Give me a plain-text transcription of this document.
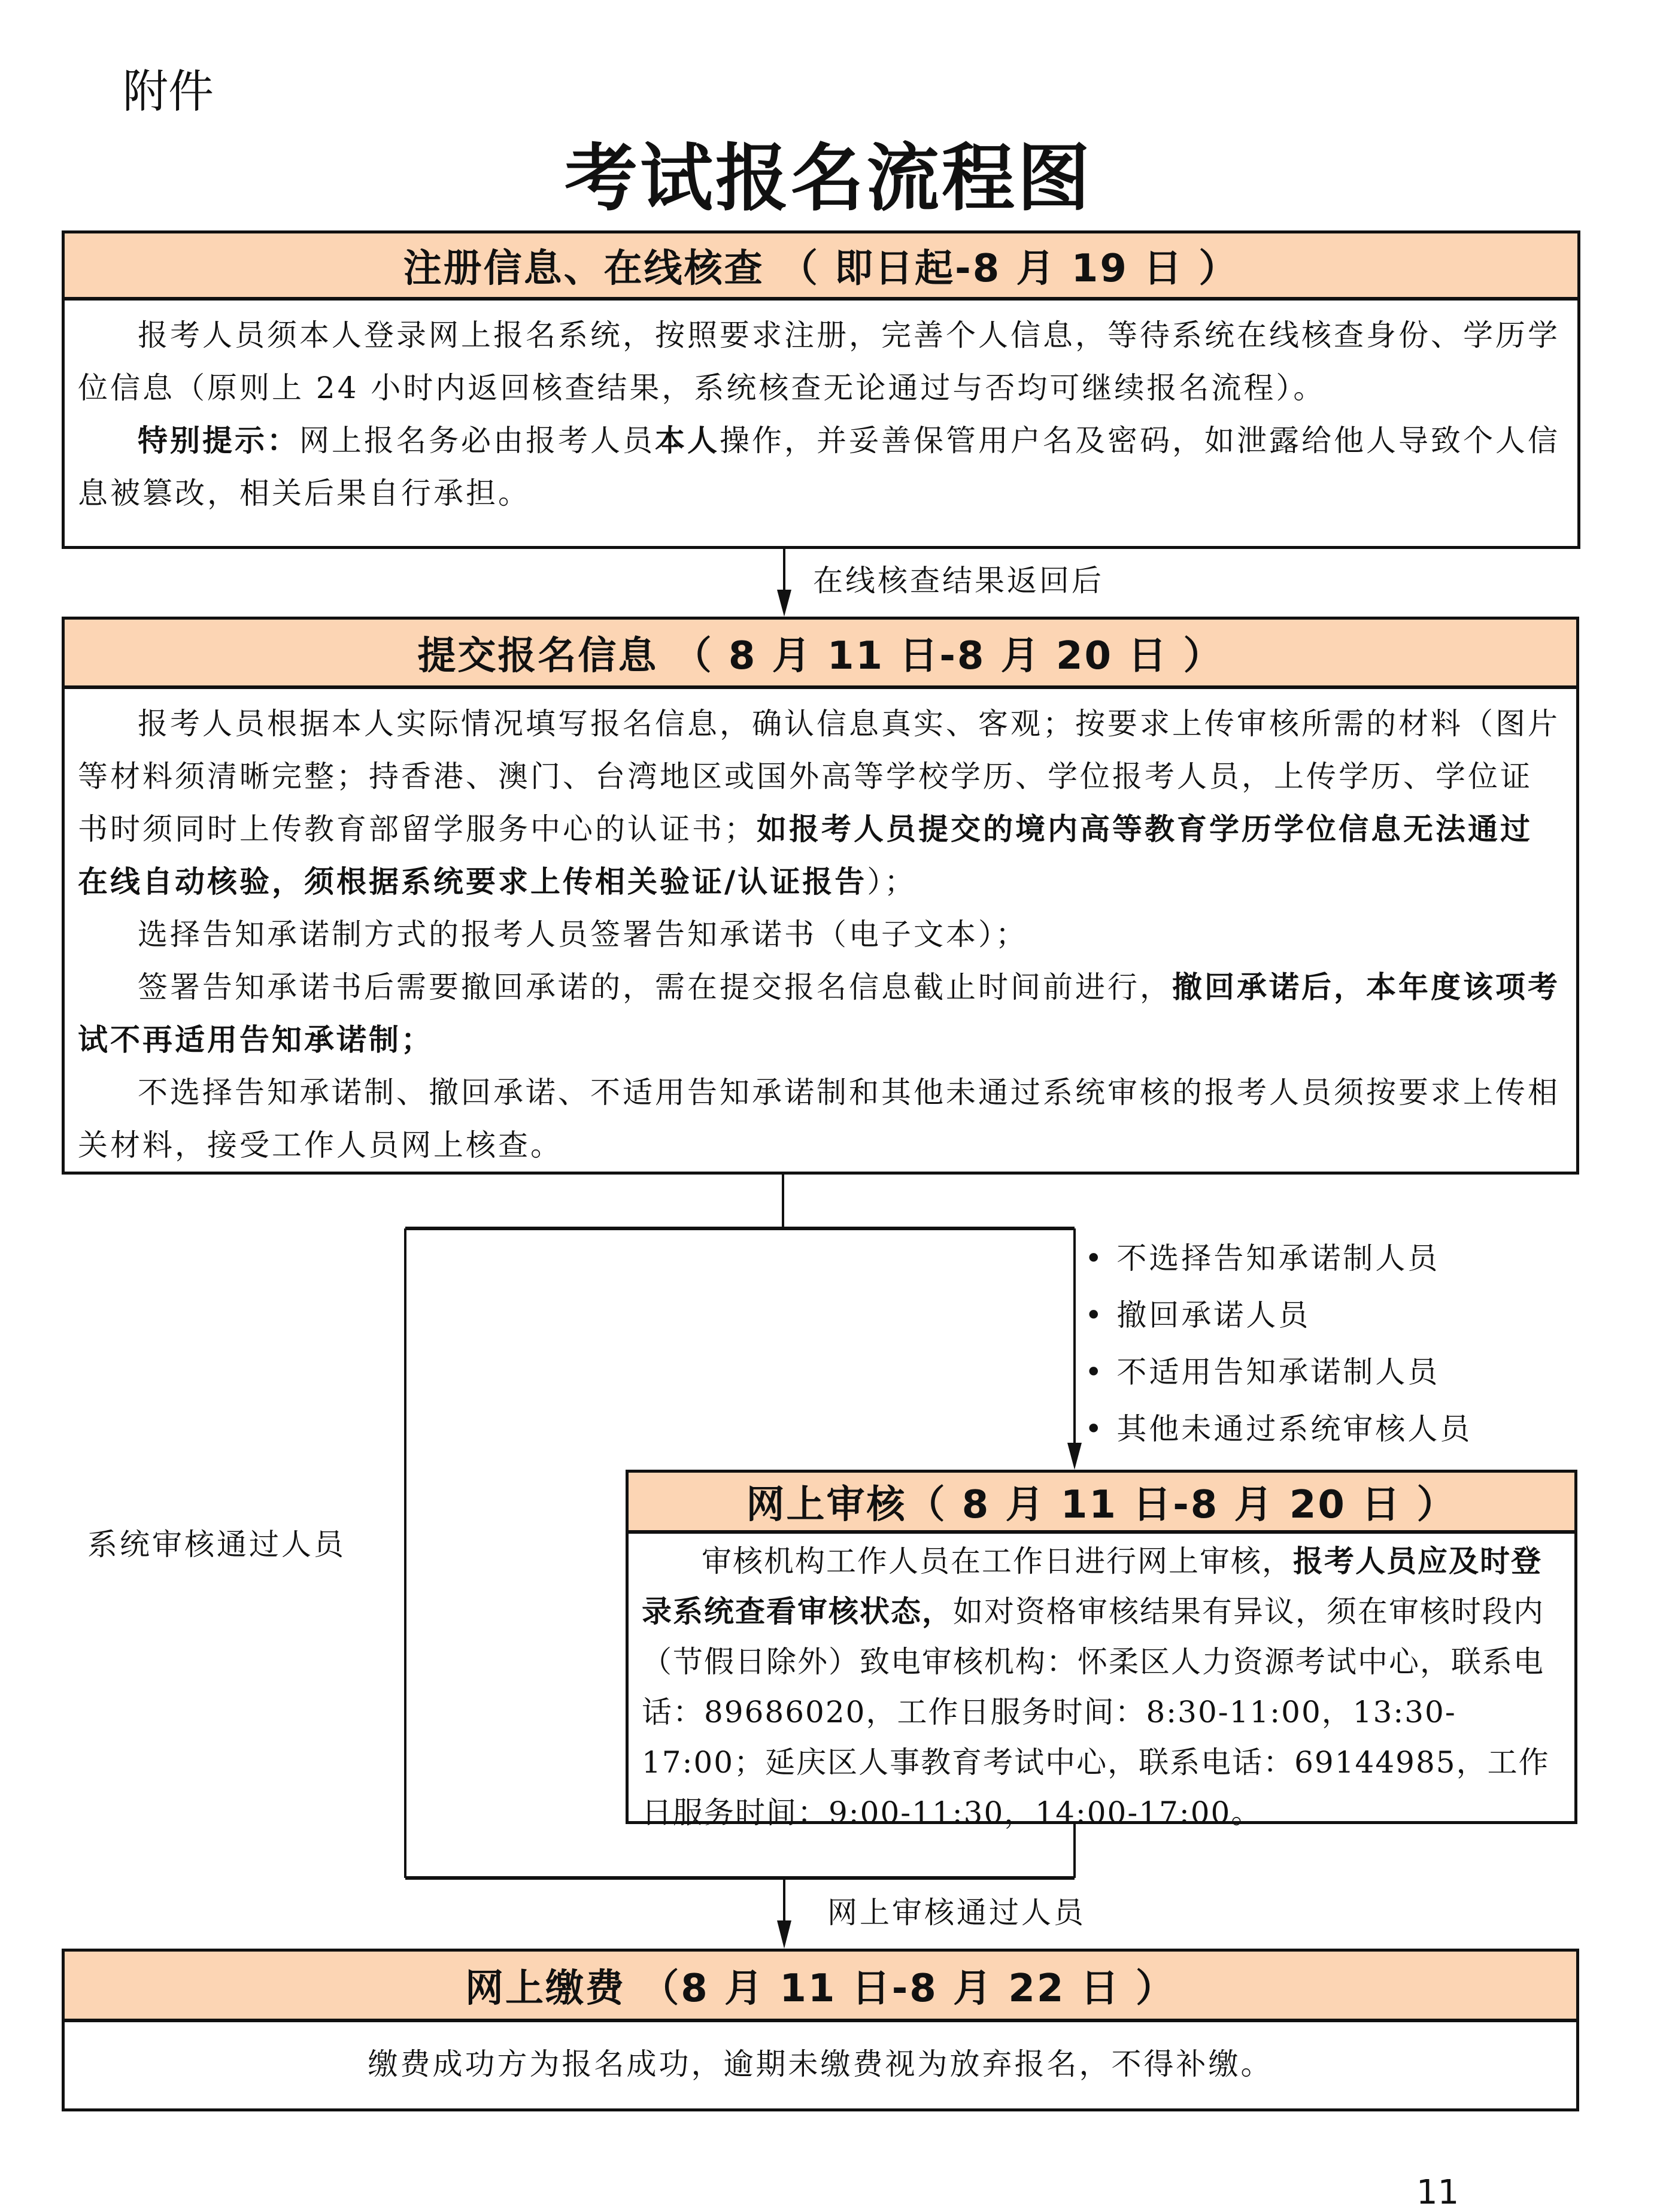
附件
考试报名流程图
注册信息、在线核查 （ 即日起-8 月 19 日 ）

报考人员须本人登录网上报名系统，按照要求注册，完善个人信息，等待系统在线核查身份、学历学位信息（原则上 24 小时内返回核查结果，系统核查无论通过与否均可继续报名流程）。

特别提示：网上报名务必由报考人员本人操作，并妥善保管用户名及密码，如泄露给他人导致个人信息被篡改，相关后果自行承担。

在线核查结果返回后
提交报名信息 （ 8 月 11 日-8 月 20 日 ）

报考人员根据本人实际情况填写报名信息，确认信息真实、客观；按要求上传审核所需的材料（图片等材料须清晰完整；持香港、澳门、台湾地区或国外高等学校学历、学位报考人员，上传学历、学位证书时须同时上传教育部留学服务中心的认证书；如报考人员提交的境内高等教育学历学位信息无法通过在线自动核验，须根据系统要求上传相关验证/认证报告）；

选择告知承诺制方式的报考人员签署告知承诺书（电子文本）；

签署告知承诺书后需要撤回承诺的，需在提交报名信息截止时间前进行，撤回承诺后，本年度该项考试不再适用告知承诺制；

不选择告知承诺制、撤回承诺、不适用告知承诺制和其他未通过系统审核的报考人员须按要求上传相关材料，接受工作人员网上核查。

• 不选择告知承诺制人员
• 撤回承诺人员
• 不适用告知承诺制人员
• 其他未通过系统审核人员
系统审核通过人员
网上审核（ 8 月 11 日-8 月 20 日 ）

审核机构工作人员在工作日进行网上审核，报考人员应及时登录系统查看审核状态，如对资格审核结果有异议，须在审核时段内（节假日除外）致电审核机构：怀柔区人力资源考试中心，联系电话：89686020，工作日服务时间：8:30-11:00，13:30-17:00；延庆区人事教育考试中心，联系电话：69144985，工作日服务时间：9:00-11:30，14:00-17:00。

网上审核通过人员
网上缴费 （8 月 11 日-8 月 22 日 ）

缴费成功方为报名成功，逾期未缴费视为放弃报名，不得补缴。

11
